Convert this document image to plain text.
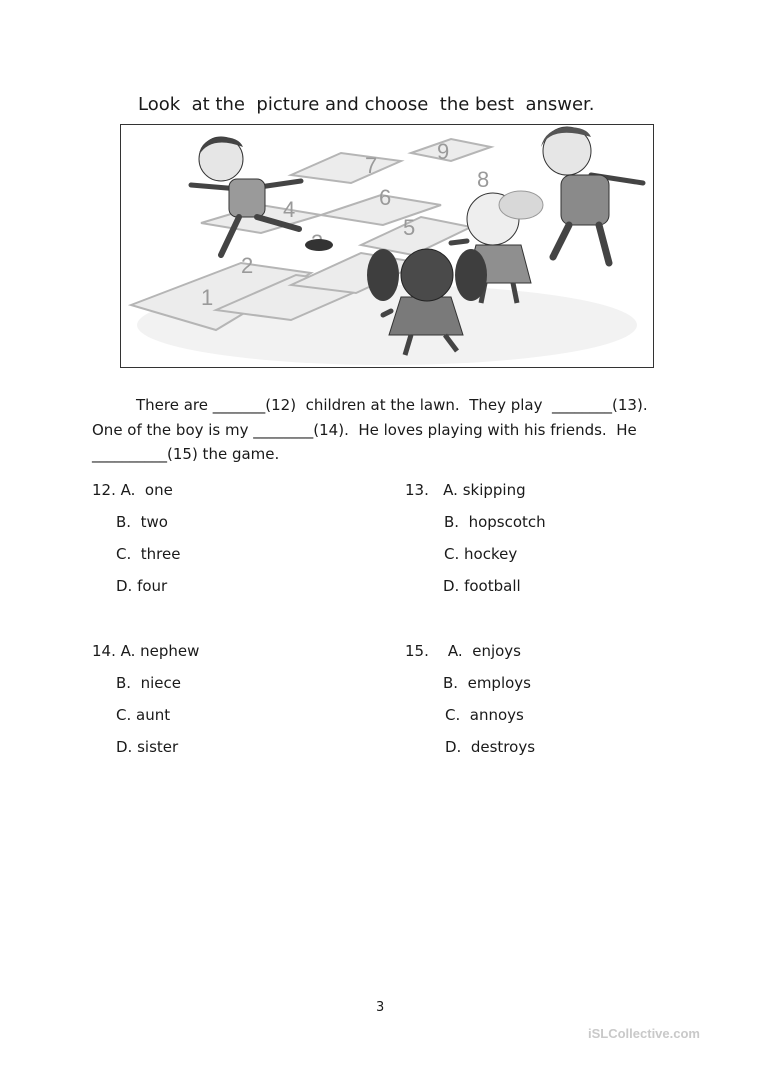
Look  at the  picture and choose  the best  answer.
1
2
4
5
6
7
8
9
There are _______(12)  children at the lawn.  They play  ________(13).
One of the boy is my ________(14).  He loves playing with his friends.  He
__________(15) the game.
12. A.  one
B.  two
C.  three
D. four
13.   A. skipping
B.  hopscotch
C. hockey
D. football
14. A. nephew
B.  niece
C. aunt
D. sister
15.    A.  enjoys
B.  employs
C.  annoys
D.  destroys
3
iSLCollective.com
